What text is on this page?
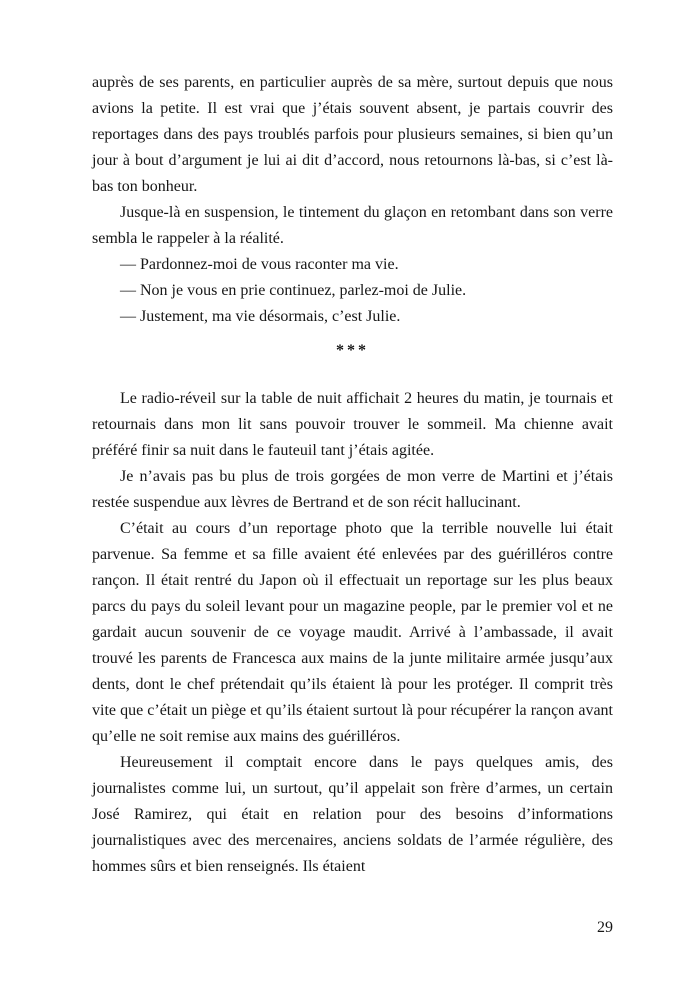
auprès de ses parents, en particulier auprès de sa mère, surtout depuis que nous avions la petite. Il est vrai que j’étais souvent absent, je partais couvrir des reportages dans des pays troublés parfois pour plusieurs semaines, si bien qu’un jour à bout d’argument je lui ai dit d’accord, nous retournons là-bas, si c’est là-bas ton bonheur.

Jusque-là en suspension, le tintement du glaçon en retombant dans son verre sembla le rappeler à la réalité.

— Pardonnez-moi de vous raconter ma vie.

— Non je vous en prie continuez, parlez-moi de Julie.

— Justement, ma vie désormais, c’est Julie.

***

Le radio-réveil sur la table de nuit affichait 2 heures du matin, je tournais et retournais dans mon lit sans pouvoir trouver le sommeil. Ma chienne avait préféré finir sa nuit dans le fauteuil tant j’étais agitée.

Je n’avais pas bu plus de trois gorgées de mon verre de Martini et j’étais restée suspendue aux lèvres de Bertrand et de son récit hallucinant.

C’était au cours d’un reportage photo que la terrible nouvelle lui était parvenue. Sa femme et sa fille avaient été enlevées par des guérilléros contre rançon. Il était rentré du Japon où il effectuait un reportage sur les plus beaux parcs du pays du soleil levant pour un magazine people, par le premier vol et ne gardait aucun souvenir de ce voyage maudit. Arrivé à l’ambassade, il avait trouvé les parents de Francesca aux mains de la junte militaire armée jusqu’aux dents, dont le chef prétendait qu’ils étaient là pour les protéger. Il comprit très vite que c’était un piège et qu’ils étaient surtout là pour récupérer la rançon avant qu’elle ne soit remise aux mains des guérilléros.

Heureusement il comptait encore dans le pays quelques amis, des journalistes comme lui, un surtout, qu’il appelait son frère d’armes, un certain José Ramirez, qui était en relation pour des besoins d’informations journalistiques avec des mercenaires, anciens soldats de l’armée régulière, des hommes sûrs et bien renseignés. Ils étaient

29
